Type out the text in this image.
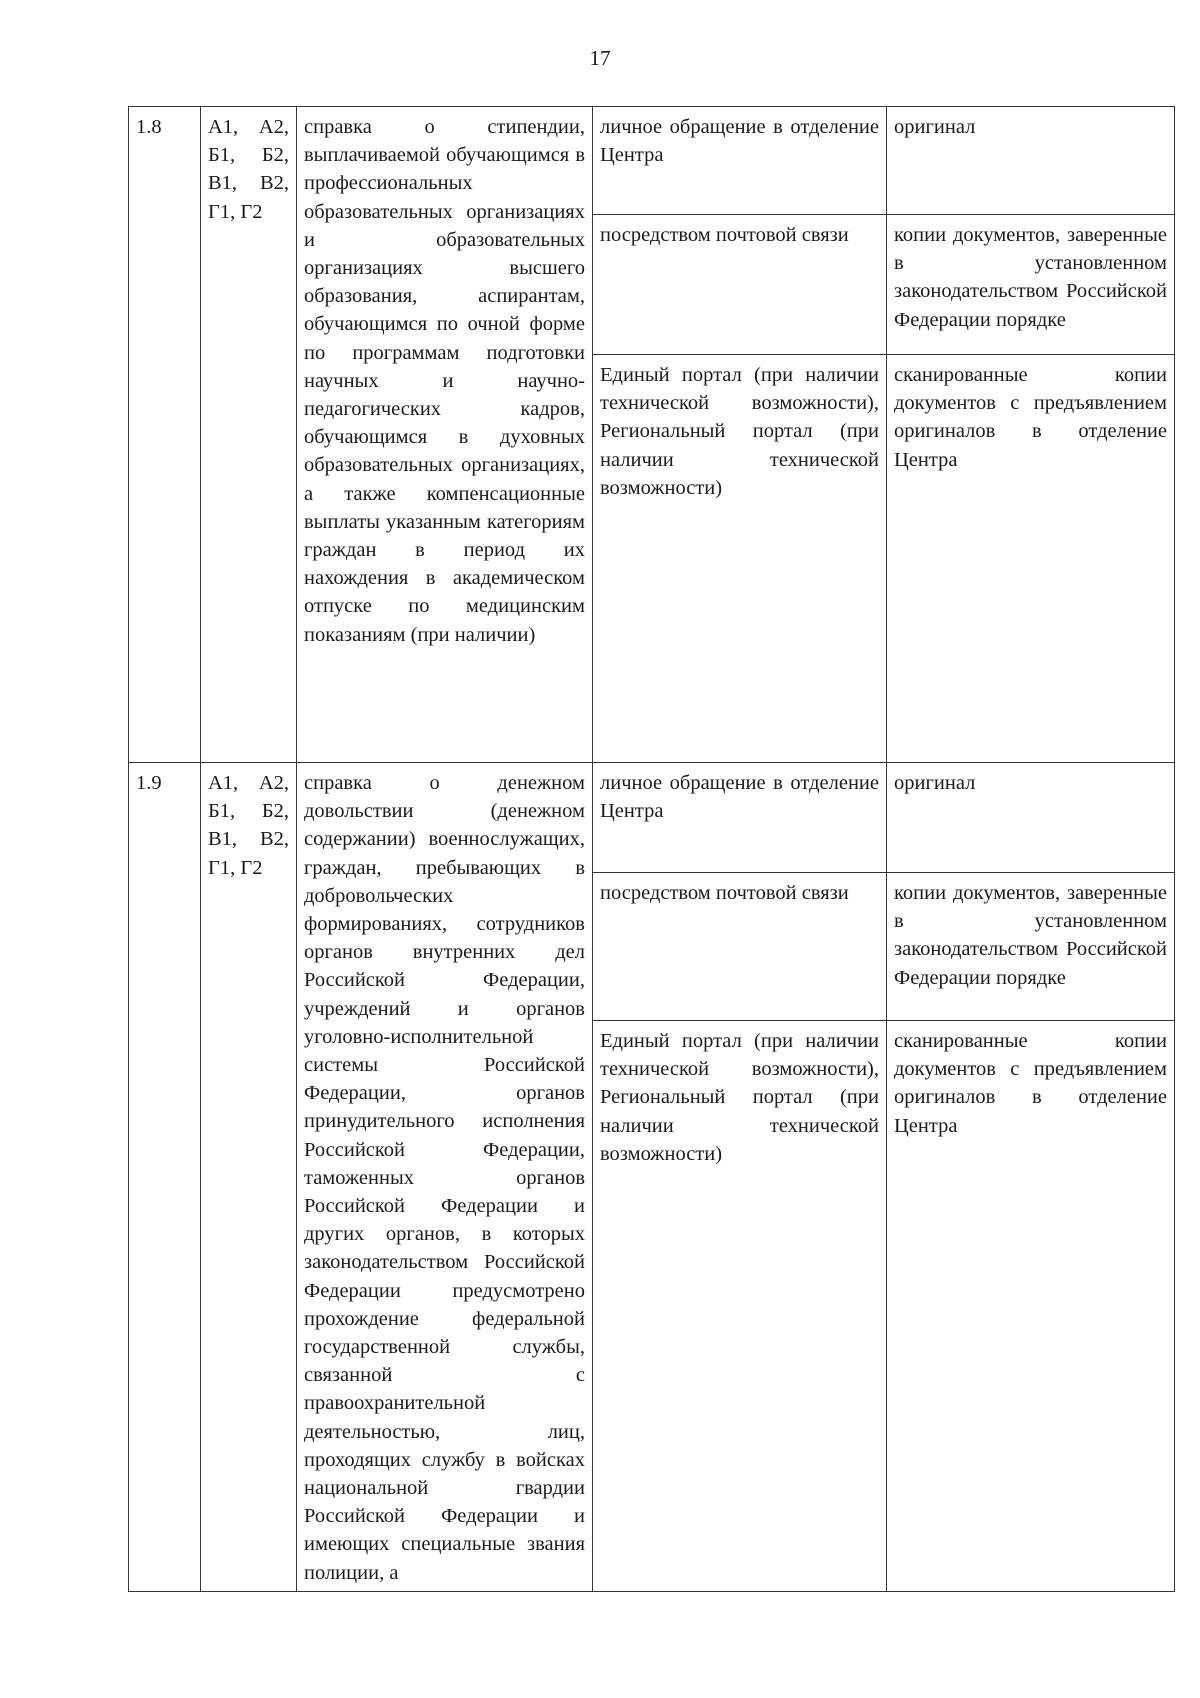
17
1.8	А1, А2, Б1, Б2, В1, В2, Г1, Г2	справка о стипендии, выплачиваемой обучающимся в профессиональных образовательных организациях и образовательных организациях высшего образования, аспирантам, обучающимся по очной форме по программам подготовки научных и научно-педагогических кадров, обучающимся в духовных образовательных организациях, а также компенсационные выплаты указанным категориям граждан в период их нахождения в академическом отпуске по медицинским показаниям (при наличии)	личное обращение в отделение Центра	оригинал
			посредством почтовой связи	копии документов, заверенные в установленном законодательством Российской Федерации порядке
			Единый портал (при наличии технической возможности), Региональный портал (при наличии технической возможности)	сканированные копии документов с предъявлением оригиналов в отделение Центра
1.9	А1, А2, Б1, Б2, В1, В2, Г1, Г2	справка о денежном довольствии (денежном содержании) военнослужащих, граждан, пребывающих в добровольческих формированиях, сотрудников органов внутренних дел Российской Федерации, учреждений и органов уголовно-исполнительной системы Российской Федерации, органов принудительного исполнения Российской Федерации, таможенных органов Российской Федерации и других органов, в которых законодательством Российской Федерации предусмотрено прохождение федеральной государственной службы, связанной с правоохранительной деятельностью, лиц, проходящих службу в войсках национальной гвардии Российской Федерации и имеющих специальные звания полиции, а	личное обращение в отделение Центра	оригинал
			посредством почтовой связи	копии документов, заверенные в установленном законодательством Российской Федерации порядке
			Единый портал (при наличии технической возможности), Региональный портал (при наличии технической возможности)	сканированные копии документов с предъявлением оригиналов в отделение Центра
